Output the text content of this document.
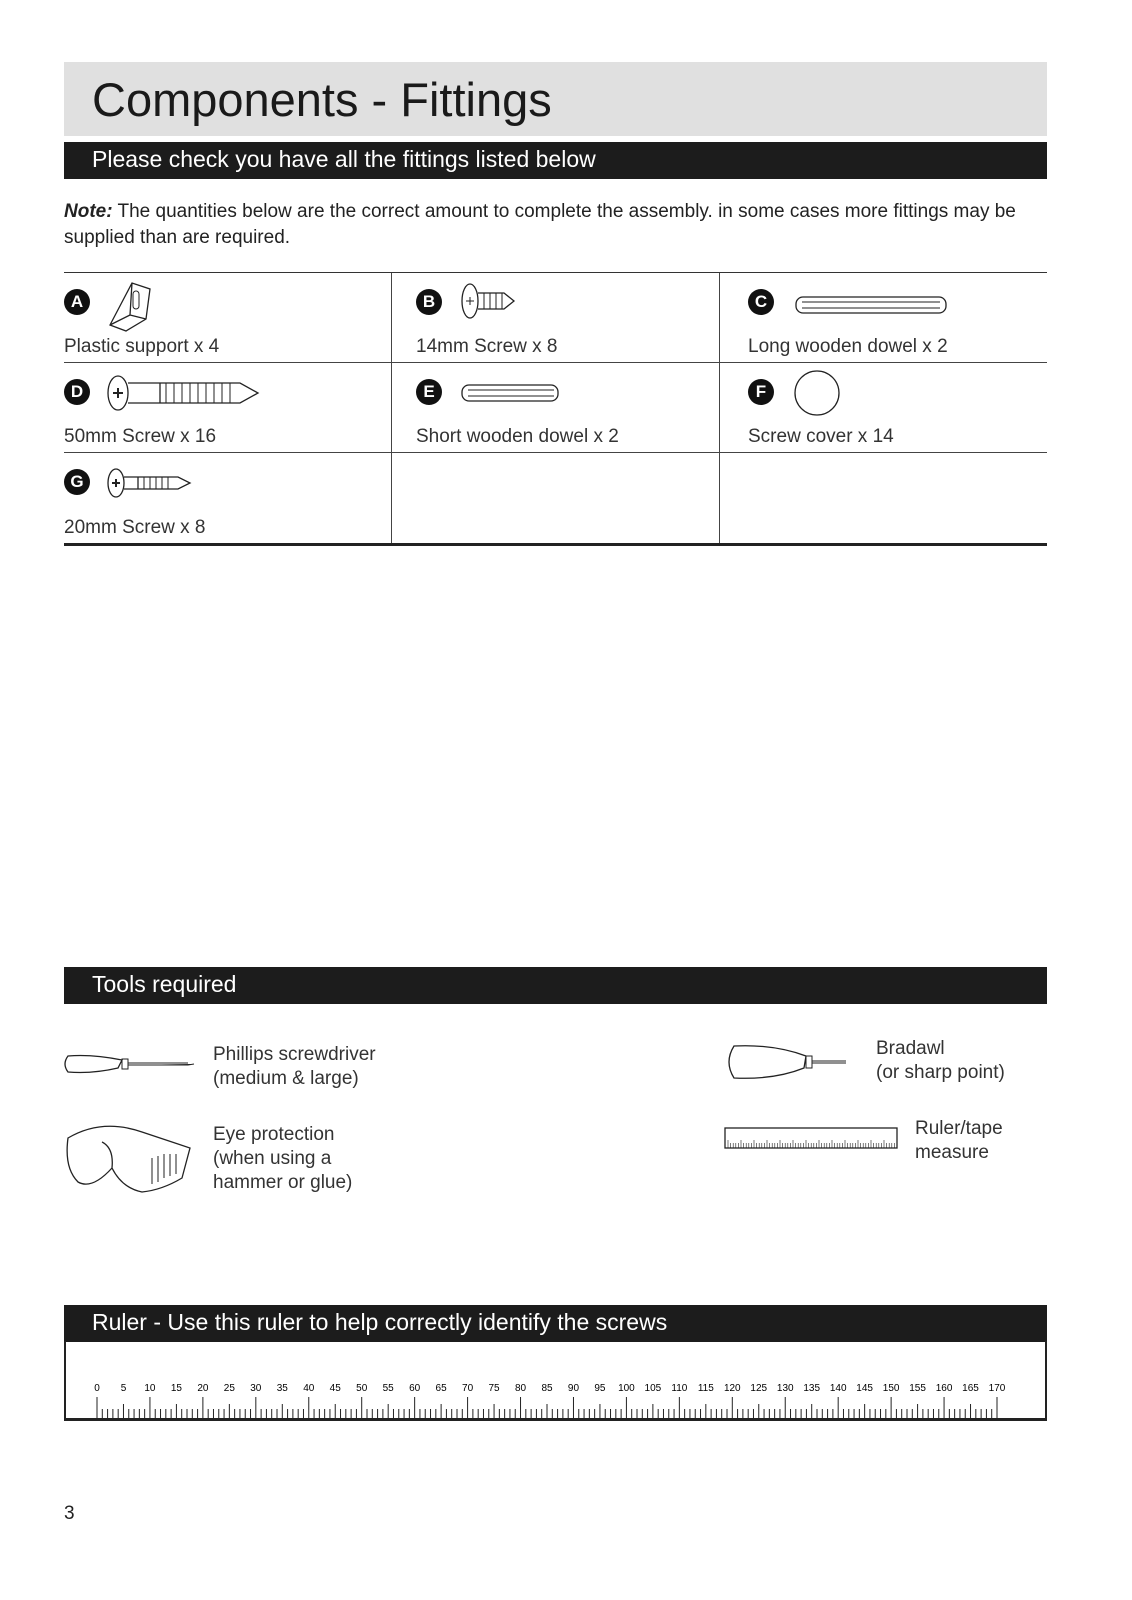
Components - Fittings
Please check you have all the fittings listed below
Note: The quantities below are the correct amount to complete the assembly. in some cases more fittings may be supplied than are required.
A
Plastic support x 4
B
14mm Screw x 8
C
Long wooden dowel x 2
D
50mm Screw x 16
E
Short wooden dowel x 2
F
Screw cover x 14
G
20mm Screw x 8
Tools required
Phillips screwdriver
(medium & large)
Eye protection
(when using a
hammer or glue)
Bradawl
(or sharp point)
Ruler/tape
measure
Ruler - Use this ruler to help correctly identify the screws
0 5 10 15 20 25 30 35 40 45 50 55 60 65 70 75 80 85 90 95 100 105 110 115 120 125 130 135 140 145 150 155 160 165 170
3
